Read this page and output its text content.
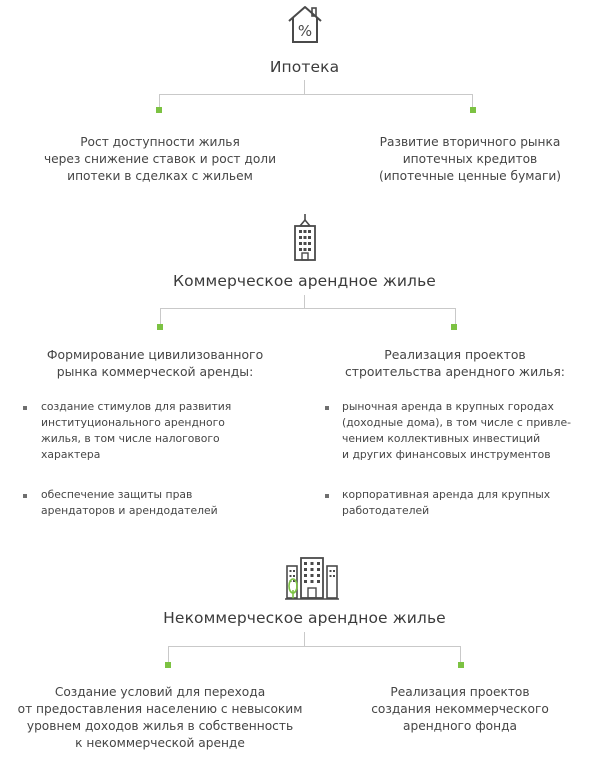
%
Ипотека
Рост доступности жилья
через снижение ставок и рост доли
ипотеки в сделках с жильем
Развитие вторичного рынка
ипотечных кредитов
(ипотечные ценные бумаги)
Коммерческое арендное жилье
Формирование цивилизованного
рынка коммерческой аренды:
Реализация проектов
строительства арендного жилья:
создание стимулов для развития
институционального арендного
жилья, в том числе налогового
характера
обеспечение защиты прав
арендаторов и арендодателей
рыночная аренда в крупных городах
(доходные дома), в том числе с привле-
чением коллективных инвестиций
и других финансовых инструментов
корпоративная аренда для крупных
работодателей
Некоммерческое арендное жилье
Создание условий для перехода
от предоставления населению с невысоким
уровнем доходов жилья в собственность
к некоммерческой аренде
Реализация проектов
создания некоммерческого
арендного фонда
